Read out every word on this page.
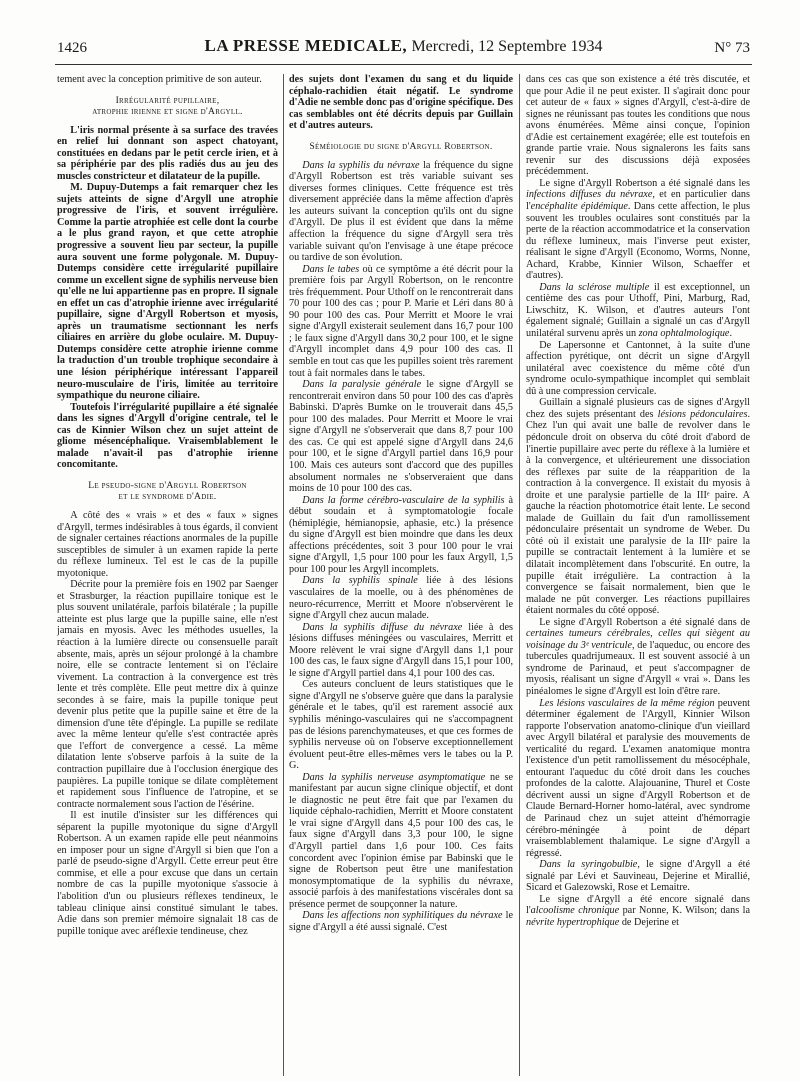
1426	LA PRESSE MEDICALE, Mercredi, 12 Septembre 1934	N° 73

tement avec la conception primitive de son auteur.

Irrégularité pupillaire,
atrophie irienne et signe d'Argyll.

L'iris normal présente à sa surface des travées en relief lui donnant son aspect chatoyant, constituées en dedans par le petit cercle irien, et à sa périphérie par des plis radiés dus au jeu des muscles constricteur et dilatateur de la pupille.

M. Dupuy-Dutemps a fait remarquer chez les sujets atteints de signe d'Argyll une atrophie progressive de l'iris, et souvent irrégulière. Comme la partie atrophiée est celle dont la courbe a le plus grand rayon, et que cette atrophie progressive a souvent lieu par secteur, la pupille aura souvent une forme polygonale. M. Dupuy-Dutemps considère cette irrégularité pupillaire comme un excellent signe de syphilis nerveuse bien qu'elle ne lui appartienne pas en propre. Il signale en effet un cas d'atrophie irienne avec irrégularité pupillaire, signe d'Argyll Robertson et myosis, après un traumatisme sectionnant les nerfs ciliaires en arrière du globe oculaire. M. Dupuy-Dutemps considère cette atrophie irienne comme la traduction d'un trouble trophique secondaire à une lésion périphérique intéressant l'appareil neuro-musculaire de l'iris, limitée au territoire sympathique du neurone ciliaire.

Toutefois l'irrégularité pupillaire a été signalée dans les signes d'Argyll d'origine centrale, tel le cas de Kinnier Wilson chez un sujet atteint de gliome mésencéphalique. Vraisemblablement le malade n'avait-il pas d'atrophie irienne concomitante.

Le pseudo-signe d'Argyll Robertson
et le syndrome d'Adie.

A côté des « vrais » et des « faux » signes d'Argyll, termes indésirables à tous égards, il convient de signaler certaines réactions anormales de la pupille susceptibles de simuler à un examen rapide la perte du réflexe lumineux. Tel est le cas de la pupille myotonique.

Décrite pour la première fois en 1902 par Saenger et Strasburger, la réaction pupillaire tonique est le plus souvent unilatérale, parfois bilatérale ; la pupille atteinte est plus large que la pupille saine, elle n'est jamais en myosis. Avec les méthodes usuelles, la réaction à la lumière directe ou consensuelle paraît absente, mais, après un séjour prolongé à la chambre noire, elle se contracte lentement si on l'éclaire vivement. La contraction à la convergence est très lente et très complète. Elle peut mettre dix à quinze secondes à se faire, mais la pupille tonique peut devenir plus petite que la pupille saine et être de la dimension d'une tête d'épingle. La pupille se redilate avec la même lenteur qu'elle s'est contractée après que l'effort de convergence a cessé. La même dilatation lente s'observe parfois à la suite de la contraction pupillaire due à l'occlusion énergique des paupières. La pupille tonique se dilate complètement et rapidement sous l'influence de l'atropine, et se contracte normalement sous l'action de l'ésérine.

Il est inutile d'insister sur les différences qui séparent la pupille myotonique du signe d'Argyll Robertson. A un examen rapide elle peut néanmoins en imposer pour un signe d'Argyll si bien que l'on a parlé de pseudo-signe d'Argyll. Cette erreur peut être commise, et elle a pour excuse que dans un certain nombre de cas la pupille myotonique s'associe à l'abolition d'un ou plusieurs réflexes tendineux, le tableau clinique ainsi constitué simulant le tabes. Adie dans son premier mémoire signalait 18 cas de pupille tonique avec aréflexie tendineuse, chez

des sujets dont l'examen du sang et du liquide céphalo-rachidien était négatif. Le syndrome d'Adie ne semble donc pas d'origine spécifique. Des cas semblables ont été décrits depuis par Guillain et d'autres auteurs.

Séméiologie du signe d'Argyll Robertson.

Dans la syphilis du névraxe la fréquence du signe d'Argyll Robertson est très variable suivant ses diverses formes cliniques. Cette fréquence est très diversement appréciée dans la même affection d'après les auteurs suivant la conception qu'ils ont du signe d'Argyll. De plus il est évident que dans la même affection la fréquence du signe d'Argyll sera très variable suivant qu'on l'envisage à une étape précoce ou tardive de son évolution.

Dans le tabes où ce symptôme a été décrit pour la première fois par Argyll Robertson, on le rencontre très fréquemment. Pour Uthoff on le rencontrerait dans 70 pour 100 des cas ; pour P. Marie et Léri dans 80 à 90 pour 100 des cas. Pour Merritt et Moore le vrai signe d'Argyll existerait seulement dans 16,7 pour 100 ; le faux signe d'Argyll dans 30,2 pour 100, et le signe d'Argyll incomplet dans 4,9 pour 100 des cas. Il semble en tout cas que les pupilles soient très rarement tout à fait normales dans le tabes.

Dans la paralysie générale le signe d'Argyll se rencontrerait environ dans 50 pour 100 des cas d'après Babinski. D'après Bumke on le trouverait dans 45,5 pour 100 des malades. Pour Merritt et Moore le vrai signe d'Argyll ne s'observerait que dans 8,7 pour 100 des cas. Ce qui est appelé signe d'Argyll dans 24,6 pour 100, et le signe d'Argyll partiel dans 16,9 pour 100. Mais ces auteurs sont d'accord que des pupilles absolument normales ne s'observeraient que dans moins de 10 pour 100 des cas.

Dans la forme cérébro-vasculaire de la syphilis à début soudain et à symptomatologie focale (hémiplégie, hémianopsie, aphasie, etc.) la présence du signe d'Argyll est bien moindre que dans les deux affections précédentes, soit 3 pour 100 pour le vrai signe d'Argyll, 1,5 pour 100 pour les faux Argyll, 1,5 pour 100 pour les Argyll incomplets.

Dans la syphilis spinale liée à des lésions vasculaires de la moelle, ou à des phénomènes de neuro-récurrence, Merritt et Moore n'observèrent le signe d'Argyll chez aucun malade.

Dans la syphilis diffuse du névraxe liée à des lésions diffuses méningées ou vasculaires, Merritt et Moore relèvent le vrai signe d'Argyll dans 1,1 pour 100 des cas, le faux signe d'Argyll dans 15,1 pour 100, le signe d'Argyll partiel dans 4,1 pour 100 des cas.

Ces auteurs concluent de leurs statistiques que le signe d'Argyll ne s'observe guère que dans la paralysie générale et le tabes, qu'il est rarement associé aux syphilis méningo-vasculaires qui ne s'accompagnent pas de lésions parenchymateuses, et que ces formes de syphilis nerveuse où on l'observe exceptionnellement évoluent peut-être elles-mêmes vers le tabes ou la P. G.

Dans la syphilis nerveuse asymptomatique ne se manifestant par aucun signe clinique objectif, et dont le diagnostic ne peut être fait que par l'examen du liquide céphalo-rachidien, Merritt et Moore constatent le vrai signe d'Argyll dans 4,5 pour 100 des cas, le faux signe d'Argyll dans 3,3 pour 100, le signe d'Argyll partiel dans 1,6 pour 100. Ces faits concordent avec l'opinion émise par Babinski que le signe de Robertson peut être une manifestation monosymptomatique de la syphilis du névraxe, associé parfois à des manifestations viscérales dont sa présence permet de soupçonner la nature.

Dans les affections non syphilitiques du névraxe le signe d'Argyll a été aussi signalé. C'est

dans ces cas que son existence a été très discutée, et que pour Adie il ne peut exister. Il s'agirait donc pour cet auteur de « faux » signes d'Argyll, c'est-à-dire de signes ne réunissant pas toutes les conditions que nous avons énumérées. Même ainsi conçue, l'opinion d'Adie est certainement exagérée; elle est toutefois en grande partie vraie. Nous signalerons les faits sans revenir sur des discussions déjà exposées précédemment.

Le signe d'Argyll Robertson a été signalé dans les infections diffuses du névraxe, et en particulier dans l'encéphalite épidémique. Dans cette affection, le plus souvent les troubles oculaires sont constitués par la perte de la réaction accommodatrice et la conservation du réflexe lumineux, mais l'inverse peut exister, réalisant le signe d'Argyll (Economo, Worms, Nonne, Achard, Krabbe, Kinnier Wilson, Schaeffer et d'autres).

Dans la sclérose multiple il est exceptionnel, un centième des cas pour Uthoff, Pini, Marburg, Rad, Liwschitz, K. Wilson, et d'autres auteurs l'ont également signalé; Guillain a signalé un cas d'Argyll unilatéral survenu après un zona ophtalmologique.

De Lapersonne et Cantonnet, à la suite d'une affection pyrétique, ont décrit un signe d'Argyll unilatéral avec coexistence du même côté d'un syndrome oculo-sympathique incomplet qui semblait dû à une compression cervicale.

Guillain a signalé plusieurs cas de signes d'Argyll chez des sujets présentant des lésions pédonculaires. Chez l'un qui avait une balle de revolver dans le pédoncule droit on observa du côté droit d'abord de l'inertie pupillaire avec perte du réflexe à la lumière et à la convergence, et ultérieurement une dissociation des réflexes par suite de la réapparition de la contraction à la convergence. Il existait du myosis à droite et une paralysie partielle de la IIIᵉ paire. A gauche la réaction photomotrice était lente. Le second malade de Guillain du fait d'un ramollissement pédonculaire présentait un syndrome de Weber. Du côté où il existait une paralysie de la IIIᵉ paire la pupille se contractait lentement à la lumière et se dilatait incomplètement dans l'obscurité. En outre, la pupille était irrégulière. La contraction à la convergence se faisait normalement, bien que le malade ne pût converger. Les réactions pupillaires étaient normales du côté opposé.

Le signe d'Argyll Robertson a été signalé dans de certaines tumeurs cérébrales, celles qui siègent au voisinage du 3ᵉ ventricule, de l'aqueduc, ou encore des tubercules quadrijumeaux. Il est souvent associé à un syndrome de Parinaud, et peut s'accompagner de myosis, réalisant un signe d'Argyll « vrai ». Dans les pinéalomes le signe d'Argyll est loin d'être rare.

Les lésions vasculaires de la même région peuvent déterminer également de l'Argyll, Kinnier Wilson rapporte l'observation anatomo-clinique d'un vieillard avec Argyll bilatéral et paralysie des mouvements de verticalité du regard. L'examen anatomique montra l'existence d'un petit ramollissement du mésocéphale, entourant l'aqueduc du côté droit dans les couches profondes de la calotte. Alajouanine, Thurel et Coste décrivent aussi un signe d'Argyll Robertson et de Claude Bernard-Horner homo-latéral, avec syndrome de Parinaud chez un sujet atteint d'hémorragie cérébro-méningée à point de départ vraisemblablement thalamique. Le signe d'Argyll a régressé.

Dans la syringobulbie, le signe d'Argyll a été signalé par Lévi et Sauvineau, Dejerine et Mirallié, Sicard et Galezowski, Rose et Lemaitre.

Le signe d'Argyll a été encore signalé dans l'alcoolisme chronique par Nonne, K. Wilson; dans la névrite hypertrophique de Dejerine et
